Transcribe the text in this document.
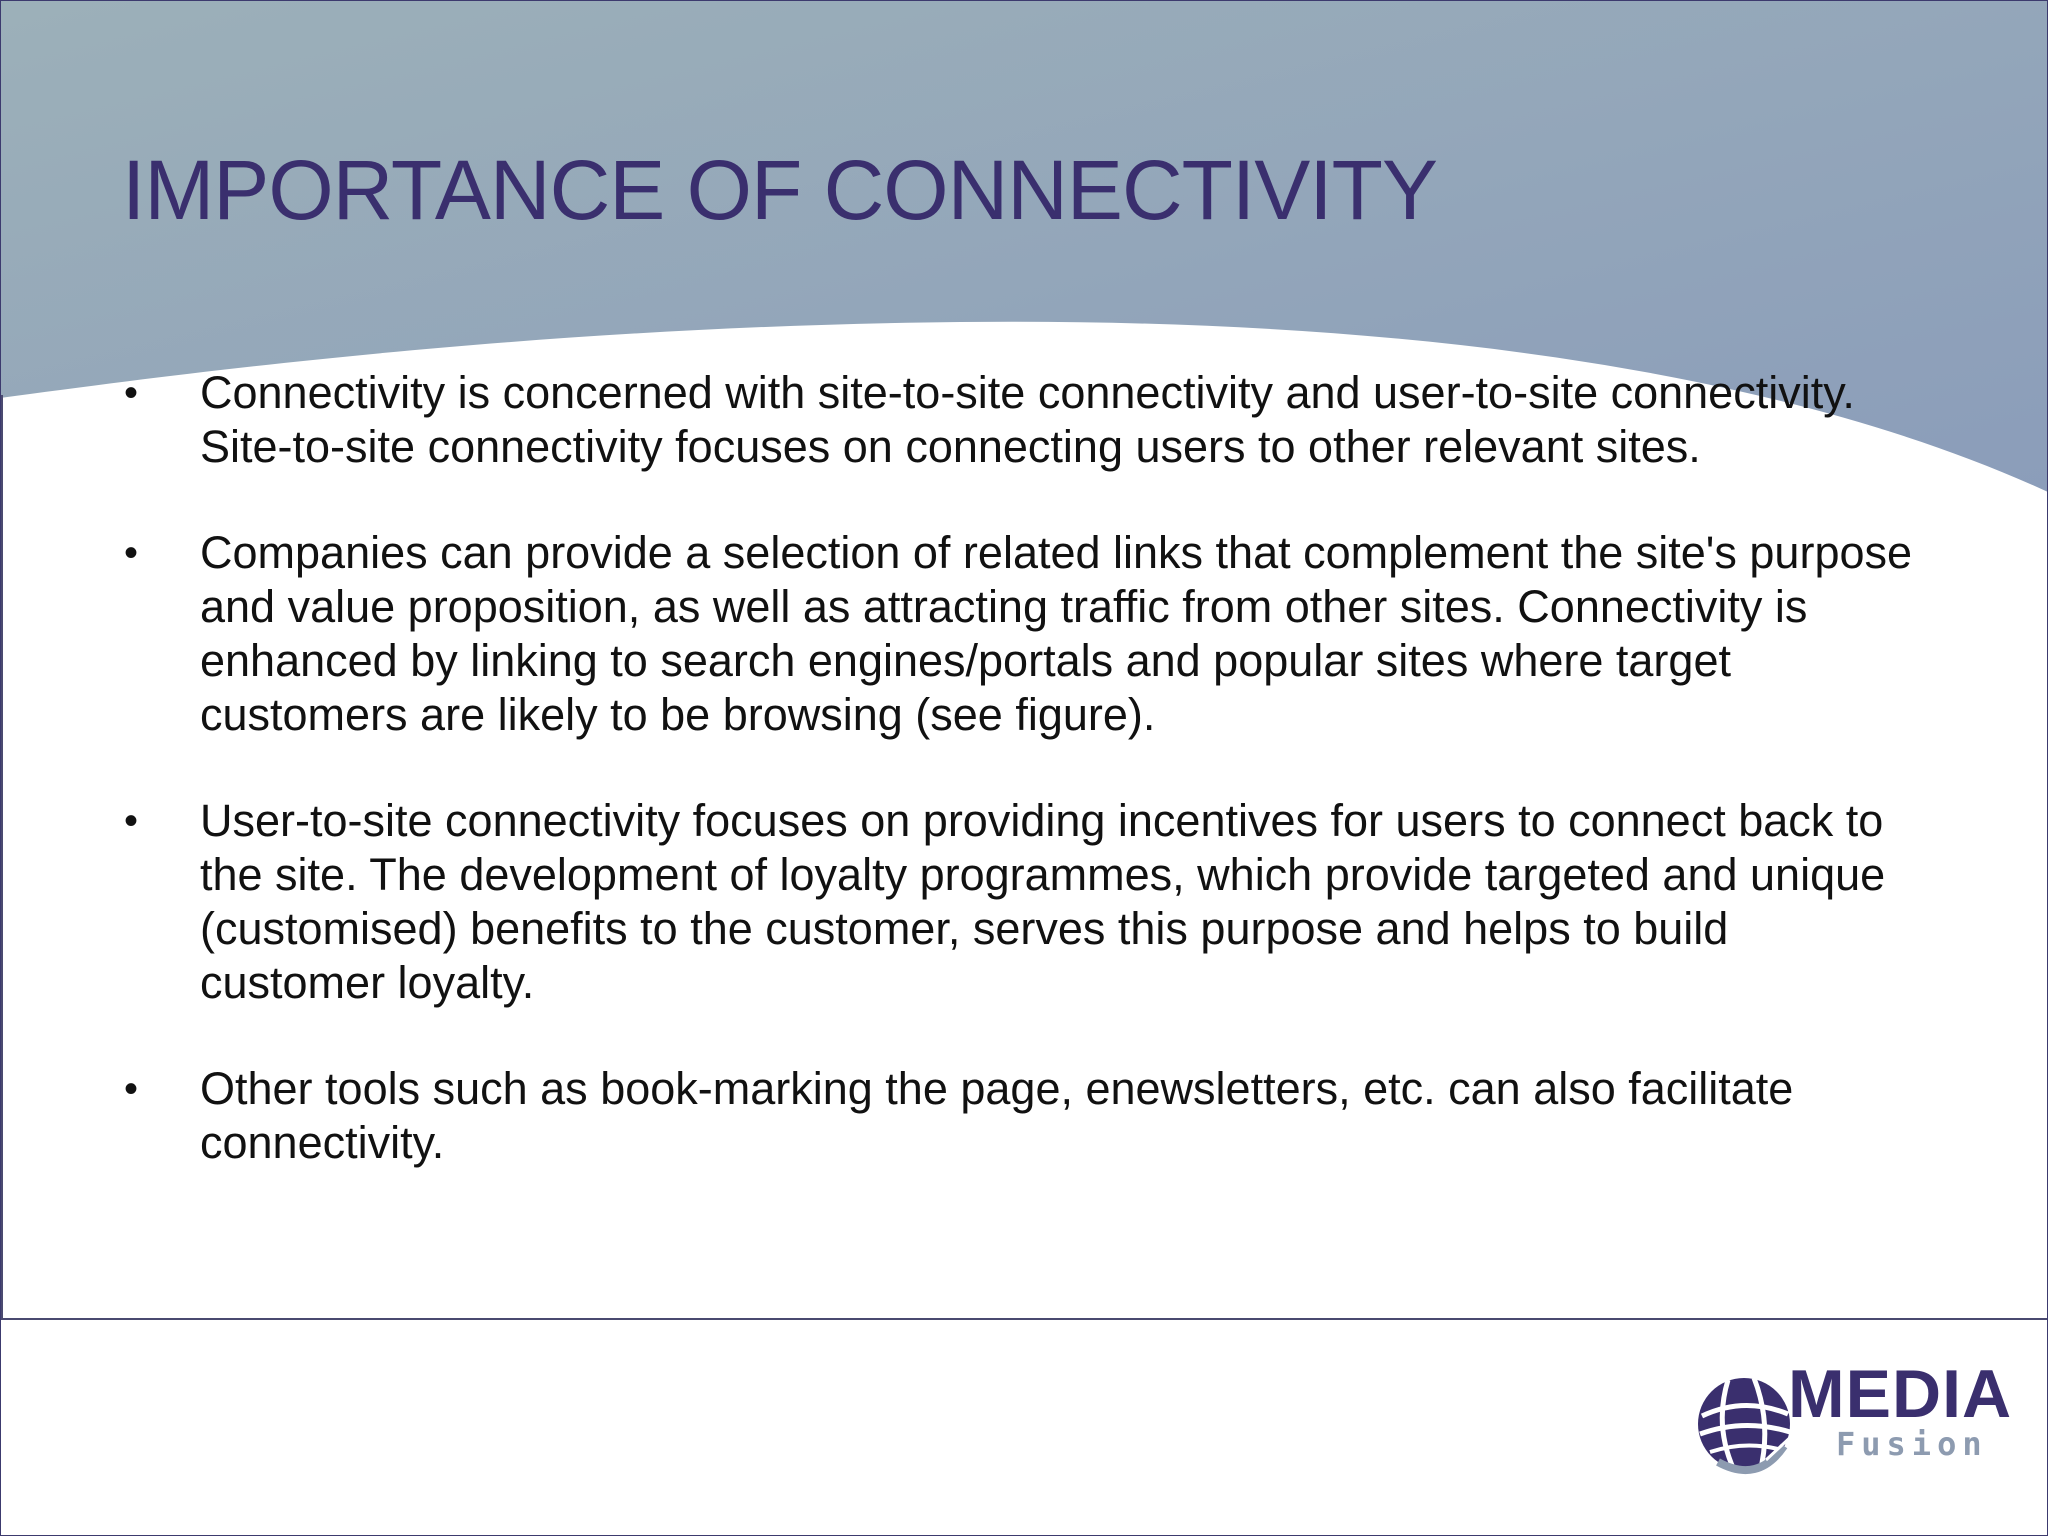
IMPORTANCE OF CONNECTIVITY
• Connectivity is concerned with site-to-site connectivity and user-to-site connectivity. Site-to-site connectivity focuses on connecting users to other relevant sites.
• Companies can provide a selection of related links that complement the site's purpose and value proposition, as well as attracting traffic from other sites. Connectivity is enhanced by linking to search engines/portals and popular sites where target customers are likely to be browsing (see figure).
• User-to-site connectivity focuses on providing incentives for users to connect back to the site. The development of loyalty programmes, which provide targeted and unique (customised) benefits to the customer, serves this purpose and helps to build customer loyalty.
• Other tools such as book-marking the page, enewsletters, etc. can also facilitate connectivity.
MEDIA
Fusion
